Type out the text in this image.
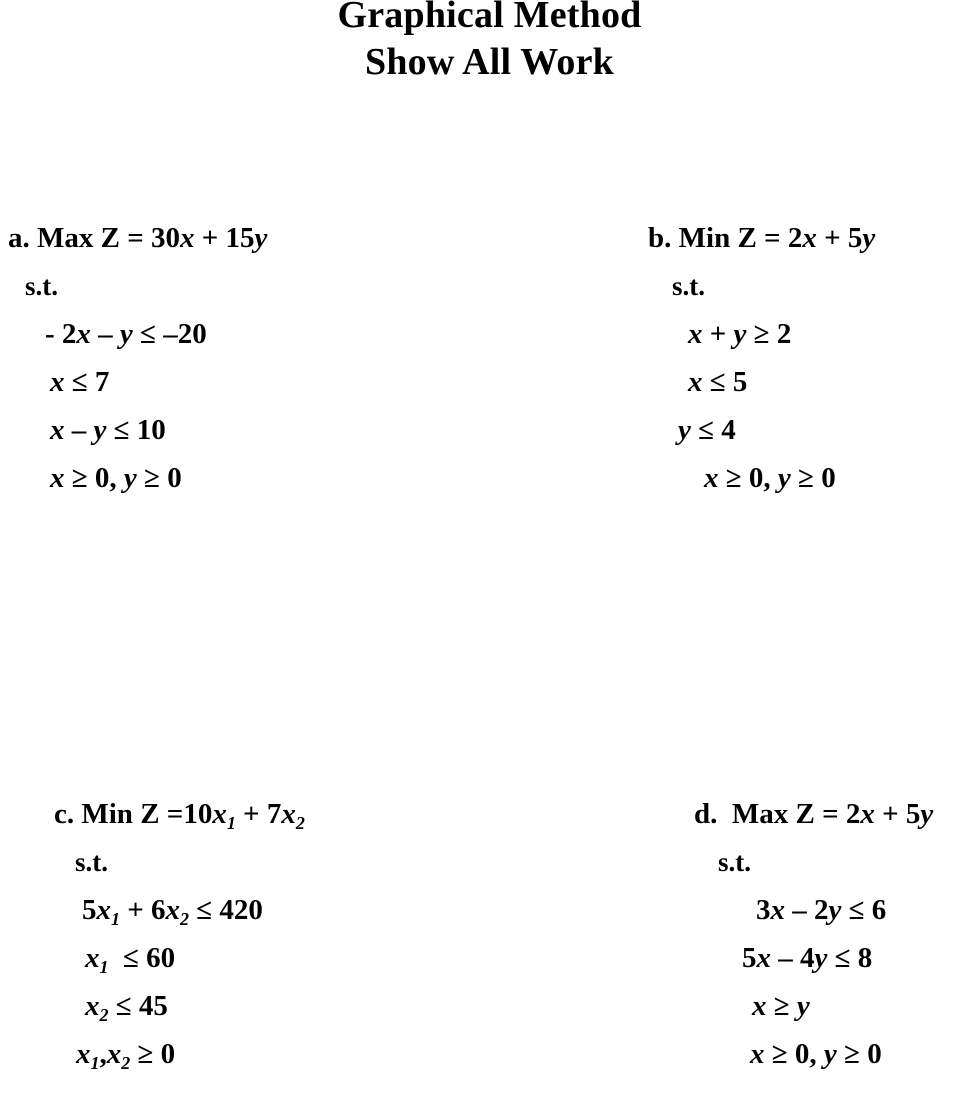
Graphical Method
Show All Work
a. Max Z = 30x + 15y
s.t.
- 2x – y ≤ –20
x ≤ 7
x – y ≤ 10
x ≥ 0, y ≥ 0
b. Min Z = 2x + 5y
s.t.
x + y ≥ 2
x ≤ 5
y ≤ 4
x ≥ 0, y ≥ 0
c. Min $Z =10x_1 + 7x_2$
s.t.
$5x_1 + 6x_2 \le 420$
$x_1 \le 60$
$x_2 \le 45$
$x_1,x_2 \ge 0$
d. Max Z = 2x + 5y
s.t.
3x – 2y ≤ 6
5x – 4y ≤ 8
x ≥ y
x ≥ 0, y ≥ 0
